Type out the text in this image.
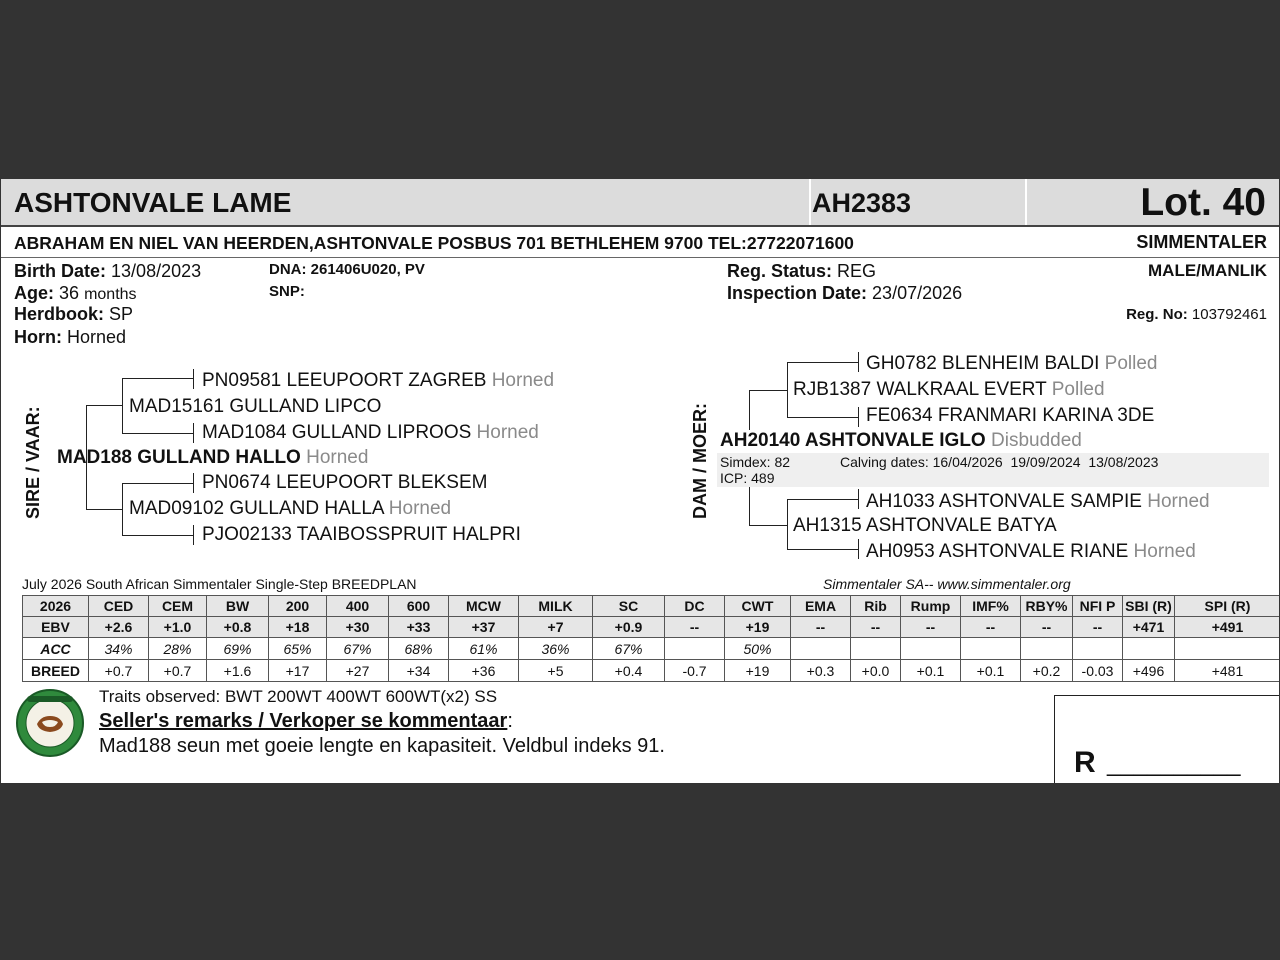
ASHTONVALE LAME	AH2383	Lot. 40
ABRAHAM EN NIEL VAN HEERDEN,ASHTONVALE POSBUS 701 BETHLEHEM 9700 TEL:27722071600	SIMMENTALER
Birth Date: 13/08/2023
Age: 36 months
Herdbook: SP
Horn: Horned
DNA: 261406U020, PV
SNP:
Reg. Status: REG
Inspection Date: 23/07/2026
MALE/MANLIK
Reg. No: 103792461
SIRE / VAAR:
PN09581 LEEUPOORT ZAGREB Horned
MAD15161 GULLAND LIPCO
MAD1084 GULLAND LIPROOS Horned
MAD188 GULLAND HALLO Horned
PN0674 LEEUPOORT BLEKSEM
MAD09102 GULLAND HALLA Horned
PJO02133 TAAIBOSSPRUIT HALPRI
DAM / MOER:
GH0782 BLENHEIM BALDI Polled
RJB1387 WALKRAAL EVERT Polled
FE0634 FRANMARI KARINA 3DE
AH20140 ASHTONVALE IGLO Disbudded
Simdex: 82
ICP: 489
Calving dates: 16/04/2026 19/09/2024 13/08/2023
AH1033 ASHTONVALE SAMPIE Horned
AH1315 ASHTONVALE BATYA
AH0953 ASHTONVALE RIANE Horned
July 2026 South African Simmentaler Single-Step BREEDPLAN	Simmentaler SA-- www.simmentaler.org
2026	CED	CEM	BW	200	400	600	MCW	MILK	SC	DC	CWT	EMA	Rib	Rump	IMF%	RBY%	NFI P	SBI (R)	SPI (R)
EBV	+2.6	+1.0	+0.8	+18	+30	+33	+37	+7	+0.9	--	+19	--	--	--	--	--	--	+471	+491
ACC	34%	28%	69%	65%	67%	68%	61%	36%	67%		50%								
BREED	+0.7	+0.7	+1.6	+17	+27	+34	+36	+5	+0.4	-0.7	+19	+0.3	+0.0	+0.1	+0.1	+0.2	-0.03	+496	+481
Traits observed: BWT 200WT 400WT 600WT(x2) SS
Seller's remarks / Verkoper se kommentaar:
Mad188 seun met goeie lengte en kapasiteit. Veldbul indeks 91.	R __________
